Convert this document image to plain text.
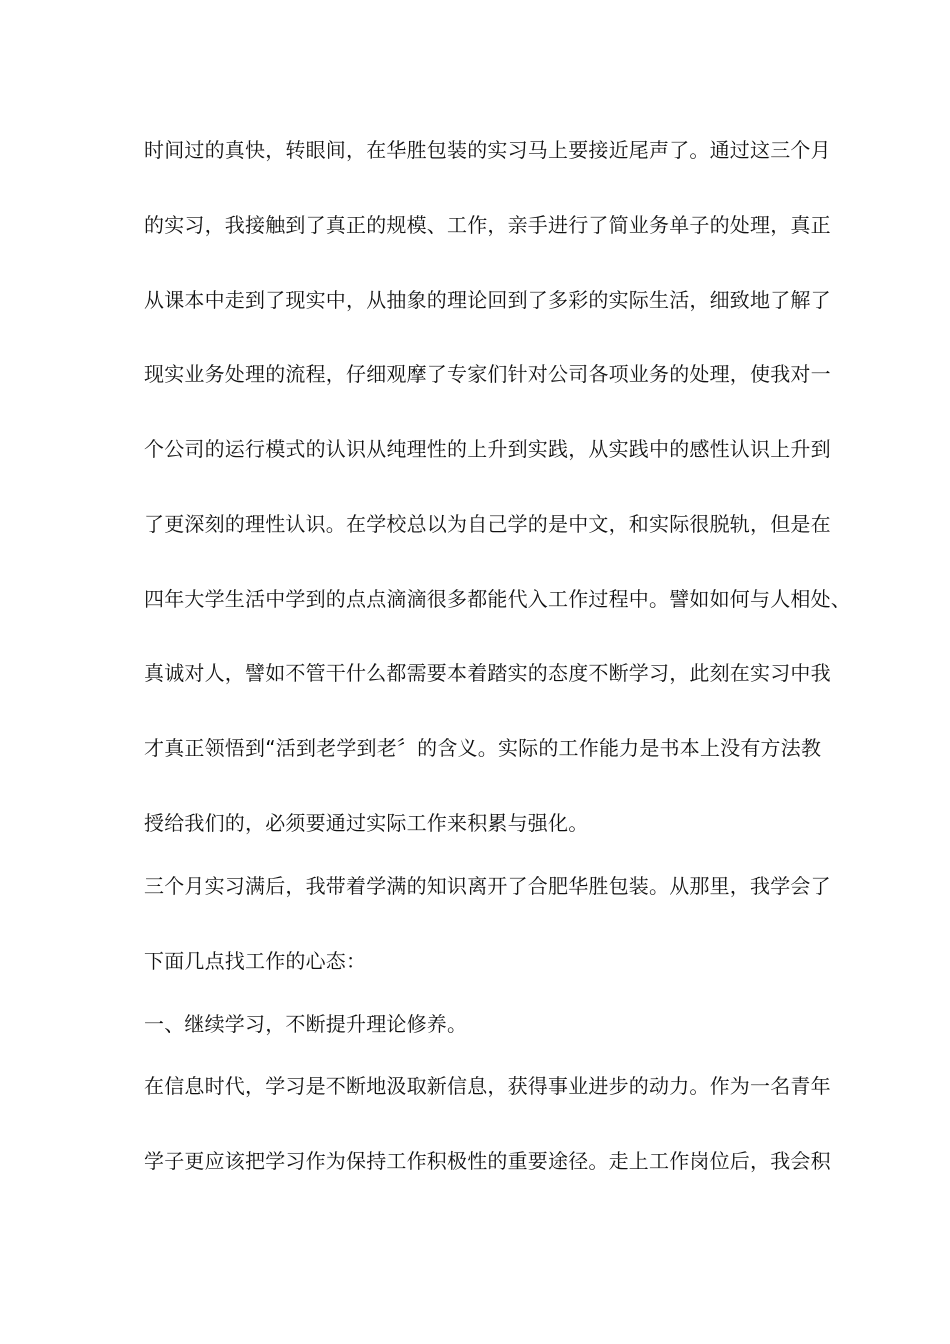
时间过的真快，转眼间，在华胜包装的实习马上要接近尾声了。通过这三个月
的实习，我接触到了真正的规模、工作，亲手进行了简业务单子的处理，真正
从课本中走到了现实中，从抽象的理论回到了多彩的实际生活，细致地了解了
现实业务处理的流程，仔细观摩了专家们针对公司各项业务的处理，使我对一
个公司的运行模式的认识从纯理性的上升到实践，从实践中的感性认识上升到
了更深刻的理性认识。在学校总以为自己学的是中文，和实际很脱轨，但是在
四年大学生活中学到的点点滴滴很多都能代入工作过程中。譬如如何与人相处、
真诚对人，譬如不管干什么都需要本着踏实的态度不断学习，此刻在实习中我
才真正领悟到“活到老学到老〞的含义。实际的工作能力是书本上没有方法教
授给我们的，必须要通过实际工作来积累与强化。
三个月实习满后，我带着学满的知识离开了合肥华胜包装。从那里，我学会了
下面几点找工作的心态：
一、继续学习，不断提升理论修养。
在信息时代，学习是不断地汲取新信息，获得事业进步的动力。作为一名青年
学子更应该把学习作为保持工作积极性的重要途径。走上工作岗位后，我会积
